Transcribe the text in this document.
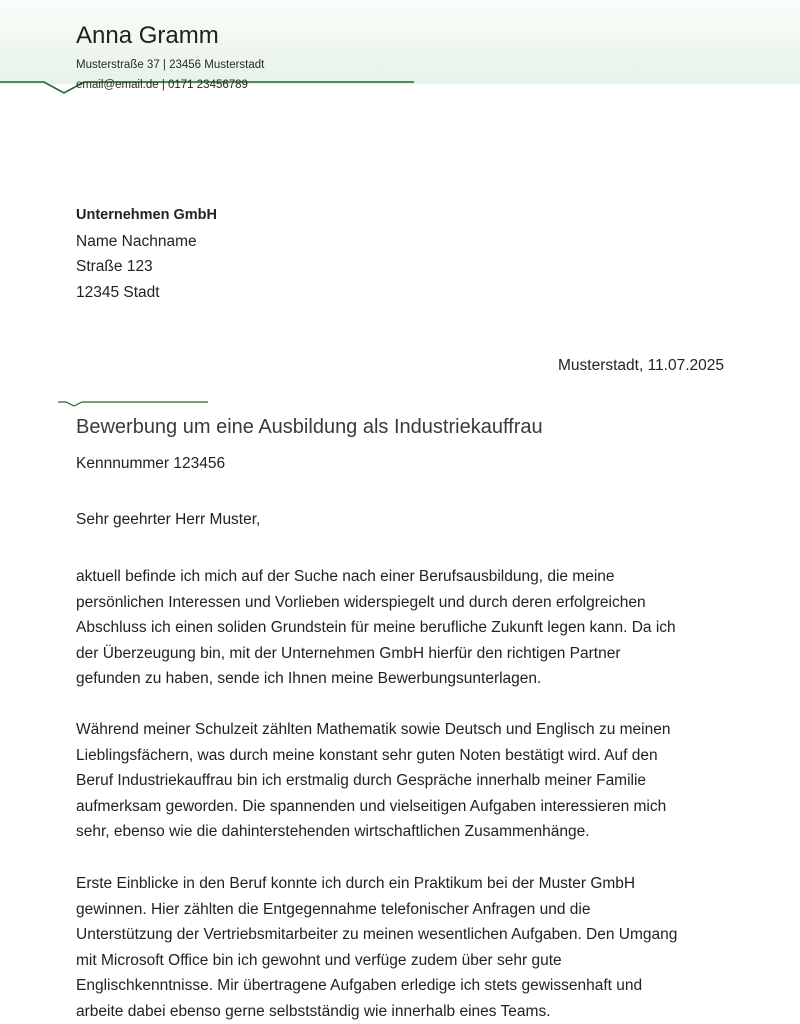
Anna Gramm
Musterstraße 37 | 23456 Musterstadt
email@email.de | 0171 23456789
Unternehmen GmbH
Name Nachname
Straße 123
12345 Stadt
Musterstadt, 11.07.2025
Bewerbung um eine Ausbildung als Industriekauffrau
Kennnummer 123456
Sehr geehrter Herr Muster,
aktuell befinde ich mich auf der Suche nach einer Berufsausbildung, die meine
persönlichen Interessen und Vorlieben widerspiegelt und durch deren erfolgreichen
Abschluss ich einen soliden Grundstein für meine berufliche Zukunft legen kann. Da ich
der Überzeugung bin, mit der Unternehmen GmbH hierfür den richtigen Partner
gefunden zu haben, sende ich Ihnen meine Bewerbungsunterlagen.
Während meiner Schulzeit zählten Mathematik sowie Deutsch und Englisch zu meinen
Lieblingsfächern, was durch meine konstant sehr guten Noten bestätigt wird. Auf den
Beruf Industriekauffrau bin ich erstmalig durch Gespräche innerhalb meiner Familie
aufmerksam geworden. Die spannenden und vielseitigen Aufgaben interessieren mich
sehr, ebenso wie die dahinterstehenden wirtschaftlichen Zusammenhänge.
Erste Einblicke in den Beruf konnte ich durch ein Praktikum bei der Muster GmbH
gewinnen. Hier zählten die Entgegennahme telefonischer Anfragen und die
Unterstützung der Vertriebsmitarbeiter zu meinen wesentlichen Aufgaben. Den Umgang
mit Microsoft Office bin ich gewohnt und verfüge zudem über sehr gute
Englischkenntnisse. Mir übertragene Aufgaben erledige ich stets gewissenhaft und
arbeite dabei ebenso gerne selbstständig wie innerhalb eines Teams.
